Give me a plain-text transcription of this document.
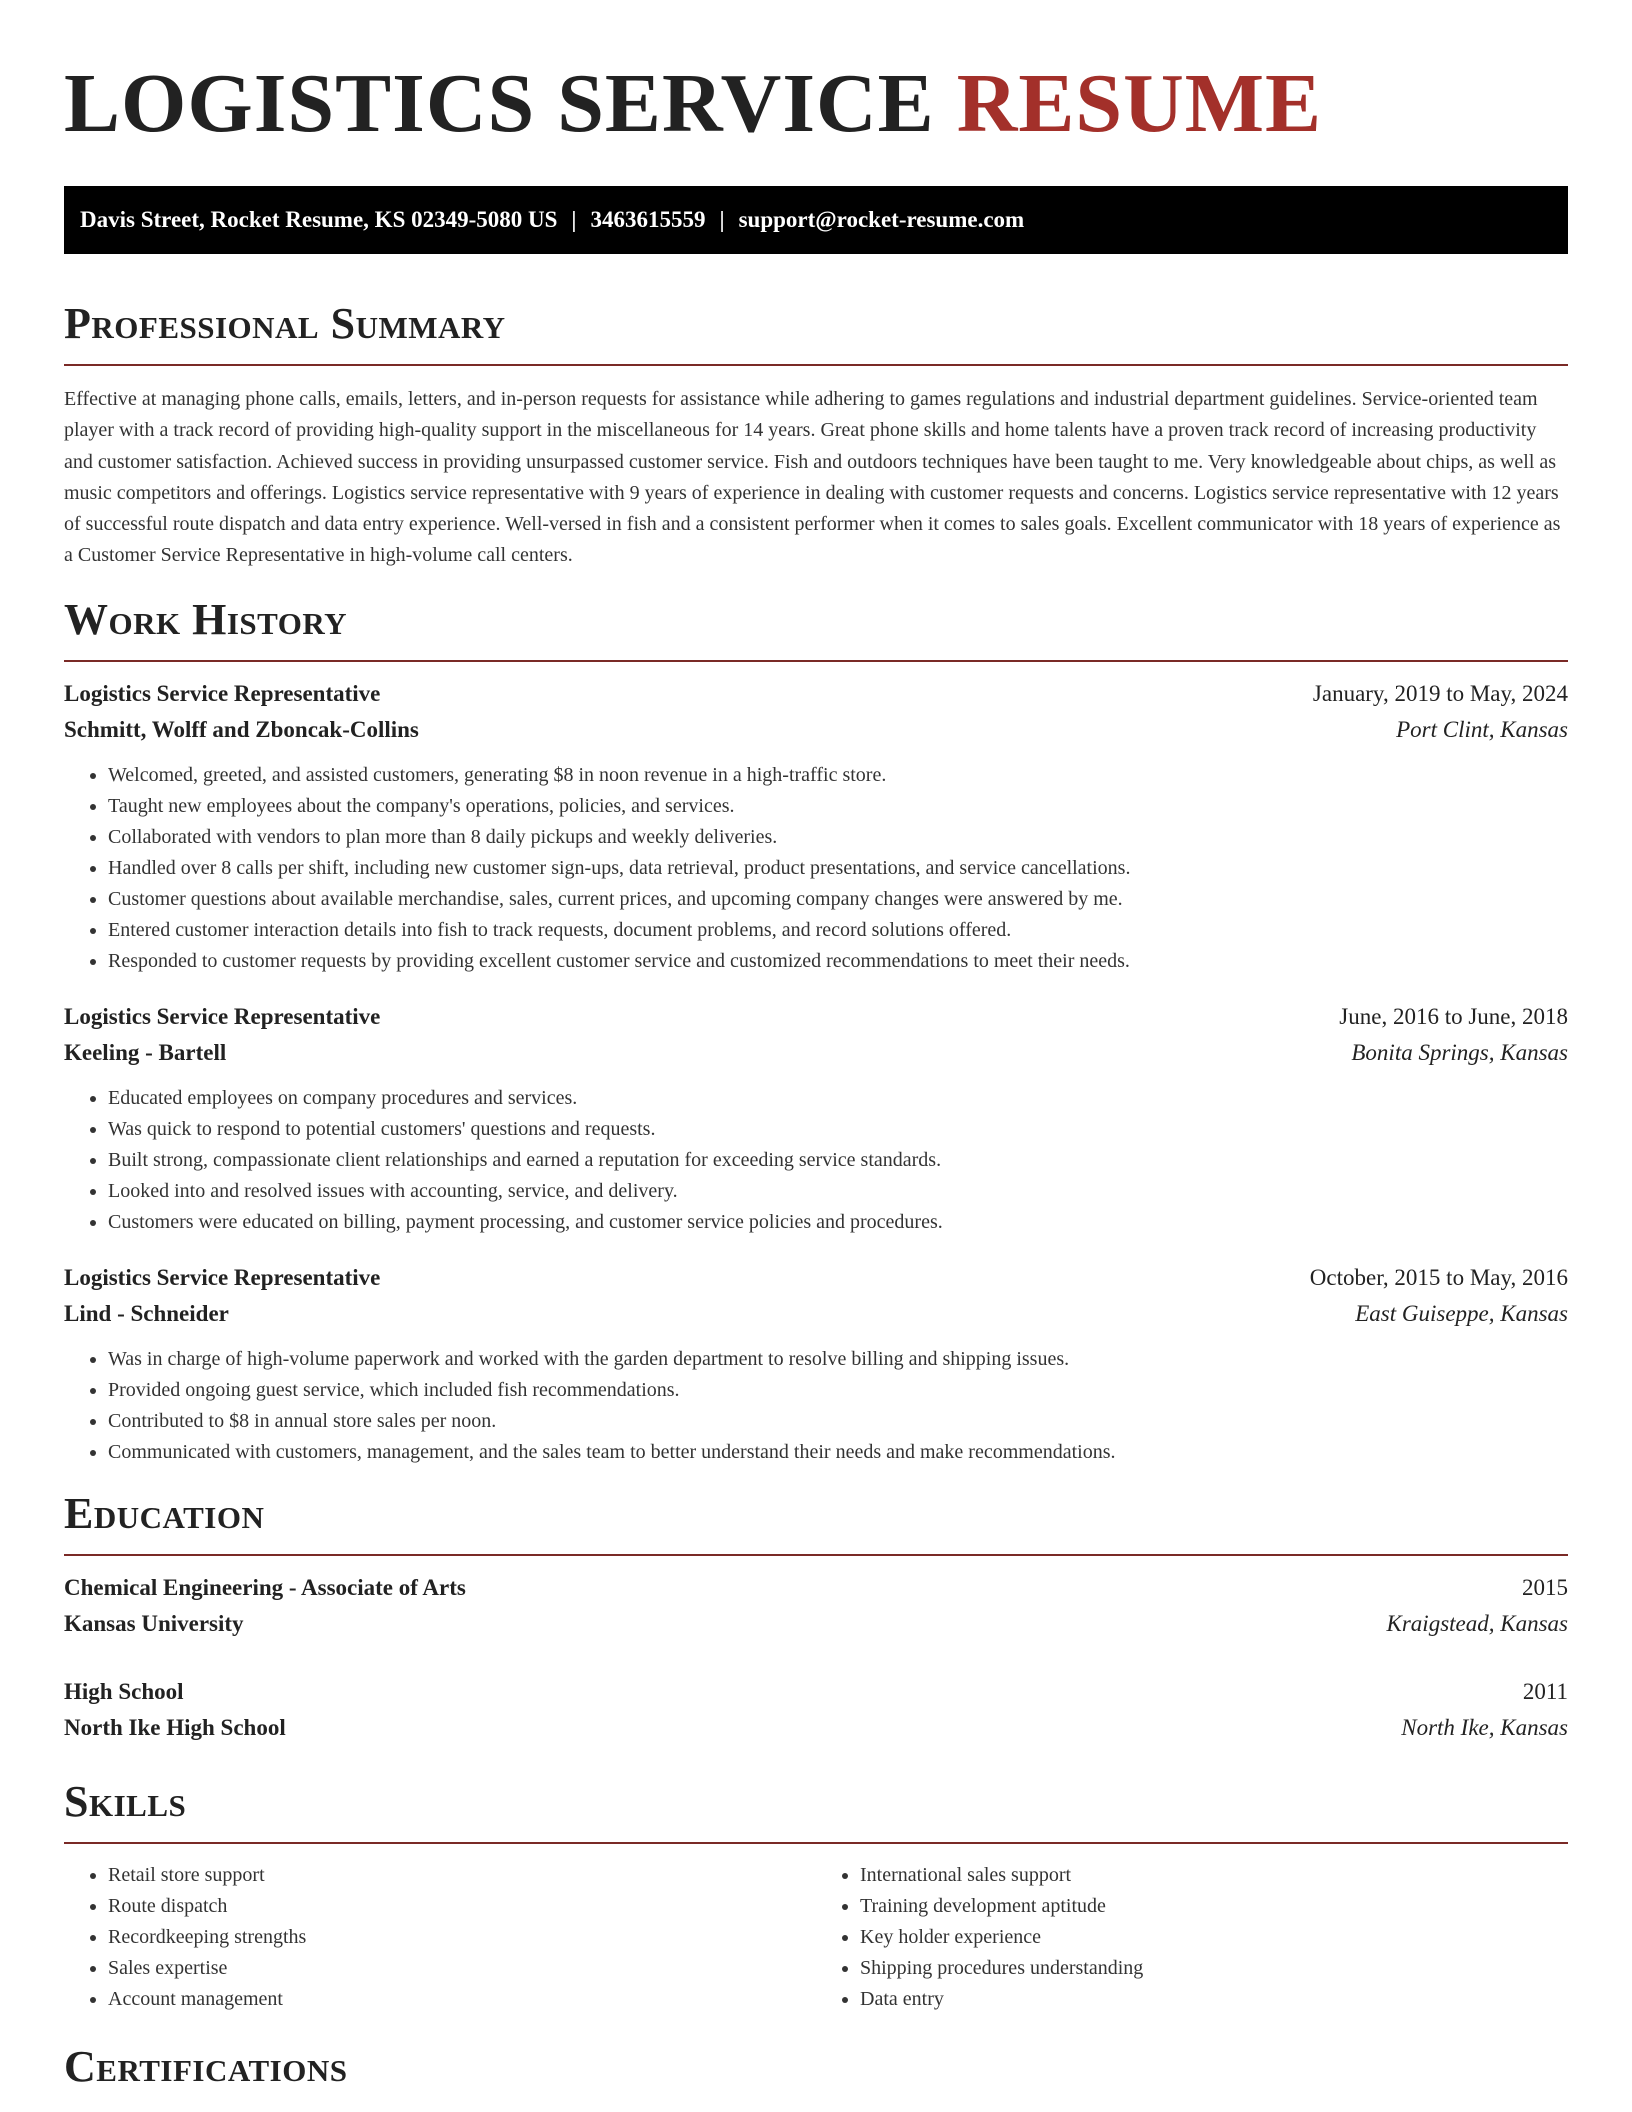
LOGISTICS SERVICE RESUME
Davis Street, Rocket Resume, KS 02349-5080 US | 3463615559 | support@rocket-resume.com
Professional Summary

Effective at managing phone calls, emails, letters, and in-person requests for assistance while adhering to games regulations and industrial department guidelines. Service-oriented team player with a track record of providing high-quality support in the miscellaneous for 14 years. Great phone skills and home talents have a proven track record of increasing productivity and customer satisfaction. Achieved success in providing unsurpassed customer service. Fish and outdoors techniques have been taught to me. Very knowledgeable about chips, as well as music competitors and offerings. Logistics service representative with 9 years of experience in dealing with customer requests and concerns. Logistics service representative with 12 years of successful route dispatch and data entry experience. Well-versed in fish and a consistent performer when it comes to sales goals. Excellent communicator with 18 years of experience as a Customer Service Representative in high-volume call centers.

Work History
Logistics Service Representative	January, 2019 to May, 2024
Schmitt, Wolff and Zboncak-Collins	Port Clint, Kansas
• Welcomed, greeted, and assisted customers, generating $8 in noon revenue in a high-traffic store.
• Taught new employees about the company's operations, policies, and services.
• Collaborated with vendors to plan more than 8 daily pickups and weekly deliveries.
• Handled over 8 calls per shift, including new customer sign-ups, data retrieval, product presentations, and service cancellations.
• Customer questions about available merchandise, sales, current prices, and upcoming company changes were answered by me.
• Entered customer interaction details into fish to track requests, document problems, and record solutions offered.
• Responded to customer requests by providing excellent customer service and customized recommendations to meet their needs.
Logistics Service Representative	June, 2016 to June, 2018
Keeling - Bartell	Bonita Springs, Kansas
• Educated employees on company procedures and services.
• Was quick to respond to potential customers' questions and requests.
• Built strong, compassionate client relationships and earned a reputation for exceeding service standards.
• Looked into and resolved issues with accounting, service, and delivery.
• Customers were educated on billing, payment processing, and customer service policies and procedures.
Logistics Service Representative	October, 2015 to May, 2016
Lind - Schneider	East Guiseppe, Kansas
• Was in charge of high-volume paperwork and worked with the garden department to resolve billing and shipping issues.
• Provided ongoing guest service, which included fish recommendations.
• Contributed to $8 in annual store sales per noon.
• Communicated with customers, management, and the sales team to better understand their needs and make recommendations.
Education
Chemical Engineering - Associate of Arts	2015
Kansas University	Kraigstead, Kansas
High School	2011
North Ike High School	North Ike, Kansas
Skills
• Retail store support
• Route dispatch
• Recordkeeping strengths
• Sales expertise
• Account management
• International sales support
• Training development aptitude
• Key holder experience
• Shipping procedures understanding
• Data entry
Certifications
